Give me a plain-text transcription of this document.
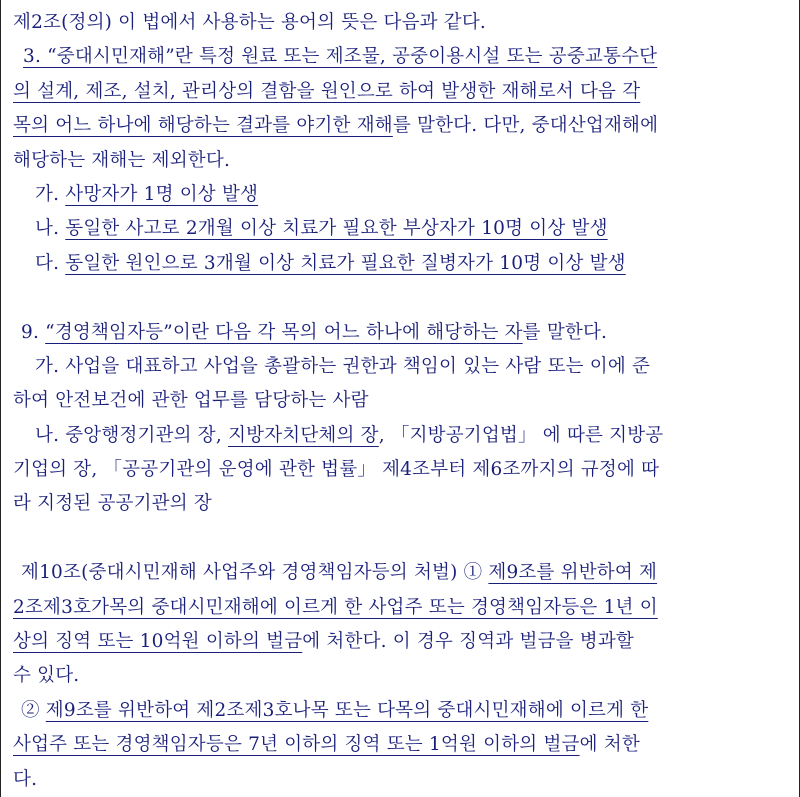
제2조(정의) 이 법에서 사용하는 용어의 뜻은 다음과 같다.
3. “중대시민재해”란 특정 원료 또는 제조물, 공중이용시설 또는 공중교통수단
의 설계, 제조, 설치, 관리상의 결함을 원인으로 하여 발생한 재해로서 다음 각
목의 어느 하나에 해당하는 결과를 야기한 재해를 말한다. 다만, 중대산업재해에
해당하는 재해는 제외한다.
가. 사망자가 1명 이상 발생
나. 동일한 사고로 2개월 이상 치료가 필요한 부상자가 10명 이상 발생
다. 동일한 원인으로 3개월 이상 치료가 필요한 질병자가 10명 이상 발생
9. “경영책임자등”이란 다음 각 목의 어느 하나에 해당하는 자를 말한다.
가. 사업을 대표하고 사업을 총괄하는 권한과 책임이 있는 사람 또는 이에 준
하여 안전보건에 관한 업무를 담당하는 사람
나. 중앙행정기관의 장, 지방자치단체의 장, 「지방공기업법」 에 따른 지방공
기업의 장, 「공공기관의 운영에 관한 법률」 제4조부터 제6조까지의 규정에 따
라 지정된 공공기관의 장
제10조(중대시민재해 사업주와 경영책임자등의 처벌) ① 제9조를 위반하여 제
2조제3호가목의 중대시민재해에 이르게 한 사업주 또는 경영책임자등은 1년 이
상의 징역 또는 10억원 이하의 벌금에 처한다. 이 경우 징역과 벌금을 병과할
수 있다.
② 제9조를 위반하여 제2조제3호나목 또는 다목의 중대시민재해에 이르게 한
사업주 또는 경영책임자등은 7년 이하의 징역 또는 1억원 이하의 벌금에 처한
다.
